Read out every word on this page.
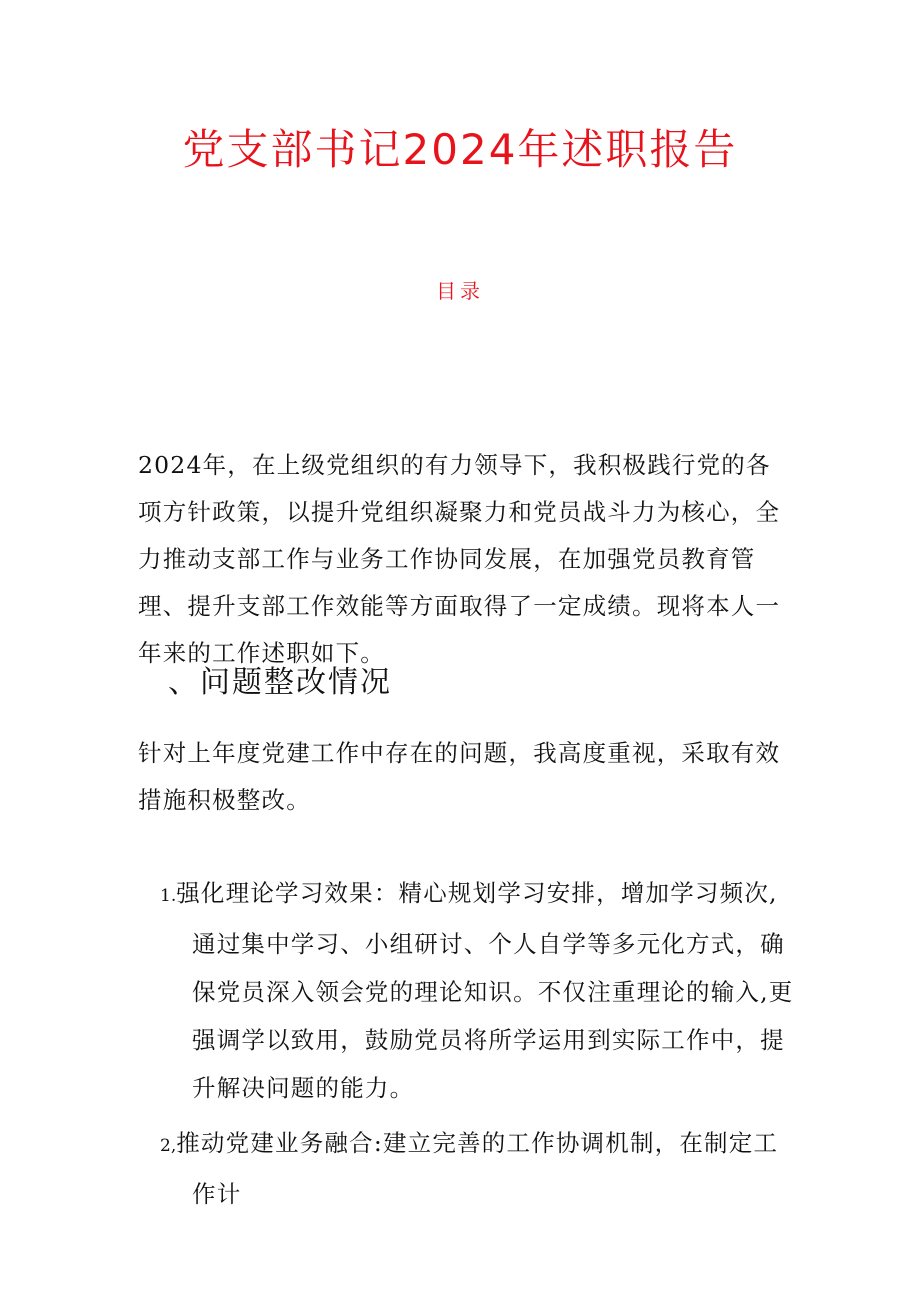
党支部书记2024年述职报告
目录

2024年，在上级党组织的有力领导下，我积极践行党的各项方针政策，以提升党组织凝聚力和党员战斗力为核心，全力推动支部工作与业务工作协同发展，在加强党员教育管理、提升支部工作效能等方面取得了一定成绩。现将本人一年来的工作述职如下。

、问题整改情况

针对上年度党建工作中存在的问题，我高度重视，采取有效措施积极整改。

1.强化理论学习效果：精心规划学习安排，增加学习频次,通过集中学习、小组研讨、个人自学等多元化方式，确保党员深入领会党的理论知识。不仅注重理论的输入,更强调学以致用，鼓励党员将所学运用到实际工作中，提升解决问题的能力。

2,推动党建业务融合:建立完善的工作协调机制，在制定工作计
